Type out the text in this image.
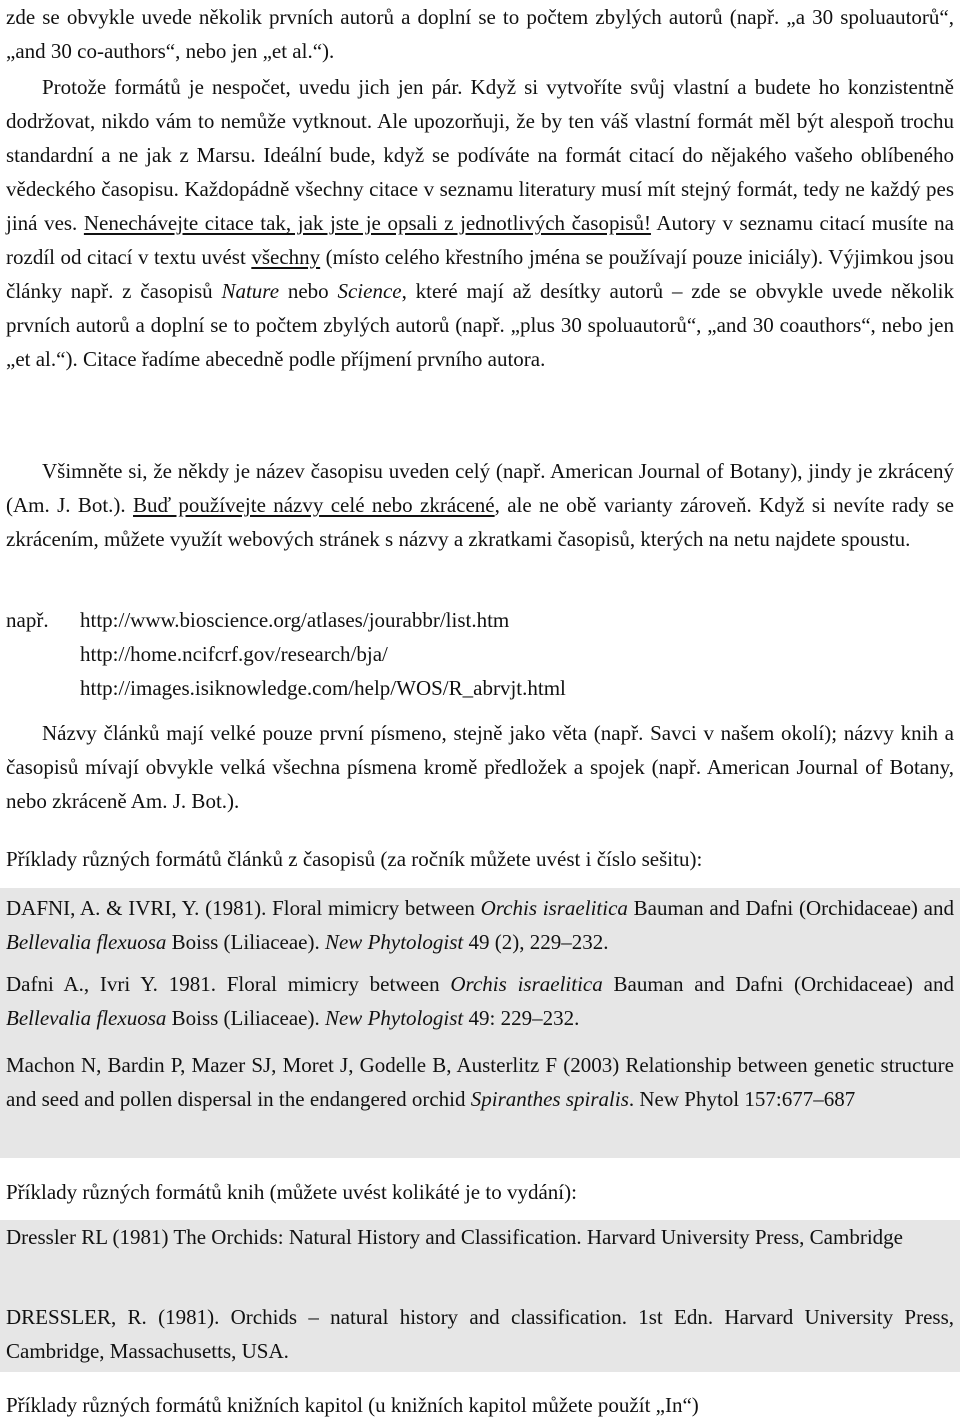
zde se obvykle uvede několik prvních autorů a doplní se to počtem zbylých autorů (např. „a 30 spoluautorů“, „and 30 co-authors“, nebo jen „et al.“).

Protože formátů je nespočet, uvedu jich jen pár. Když si vytvoříte svůj vlastní a budete ho konzistentně dodržovat, nikdo vám to nemůže vytknout. Ale upozorňuji, že by ten váš vlastní formát měl být alespoň trochu standardní a ne jak z Marsu. Ideální bude, když se podíváte na formát citací do nějakého vašeho oblíbeného vědeckého časopisu. Každopádně všechny citace v seznamu literatury musí mít stejný formát, tedy ne každý pes jiná ves. Nenechávejte citace tak, jak jste je opsali z jednotlivých časopisů! Autory v seznamu citací musíte na rozdíl od citací v textu uvést všechny (místo celého křestního jména se používají pouze iniciály). Výjimkou jsou články např. z časopisů Nature nebo Science, které mají až desítky autorů – zde se obvykle uvede několik prvních autorů a doplní se to počtem zbylých autorů (např. „plus 30 spoluautorů“, „and 30 coauthors“, nebo jen „et al.“). Citace řadíme abecedně podle příjmení prvního autora.

Všimněte si, že někdy je název časopisu uveden celý (např. American Journal of Botany), jindy je zkrácený (Am. J. Bot.). Buď používejte názvy celé nebo zkrácené, ale ne obě varianty zároveň. Když si nevíte rady se zkrácením, můžete využít webových stránek s názvy a zkratkami časopisů, kterých na netu najdete spoustu.

např.	http://www.bioscience.org/atlases/jourabbr/list.htm
http://home.ncifcrf.gov/research/bja/
http://images.isiknowledge.com/help/WOS/R_abrvjt.html

Názvy článků mají velké pouze první písmeno, stejně jako věta (např. Savci v našem okolí); názvy knih a časopisů mívají obvykle velká všechna písmena kromě předložek a spojek (např. American Journal of Botany, nebo zkráceně Am. J. Bot.).

Příklady různých formátů článků z časopisů (za ročník můžete uvést i číslo sešitu):

DAFNI, A. & IVRI, Y. (1981). Floral mimicry between Orchis israelitica Bauman and Dafni (Orchidaceae) and Bellevalia flexuosa Boiss (Liliaceae). New Phytologist 49 (2), 229–232.

Dafni A., Ivri Y. 1981. Floral mimicry between Orchis israelitica Bauman and Dafni (Orchidaceae) and Bellevalia flexuosa Boiss (Liliaceae). New Phytologist 49: 229–232.

Machon N, Bardin P, Mazer SJ, Moret J, Godelle B, Austerlitz F (2003) Relationship between genetic structure and seed and pollen dispersal in the endangered orchid Spiranthes spiralis. New Phytol 157:677–687

Příklady různých formátů knih (můžete uvést kolikáté je to vydání):

Dressler RL (1981) The Orchids: Natural History and Classification. Harvard University Press, Cambridge

DRESSLER, R. (1981). Orchids – natural history and classification. 1st Edn. Harvard University Press, Cambridge, Massachusetts, USA.

Příklady různých formátů knižních kapitol (u knižních kapitol můžete použít „In“)
